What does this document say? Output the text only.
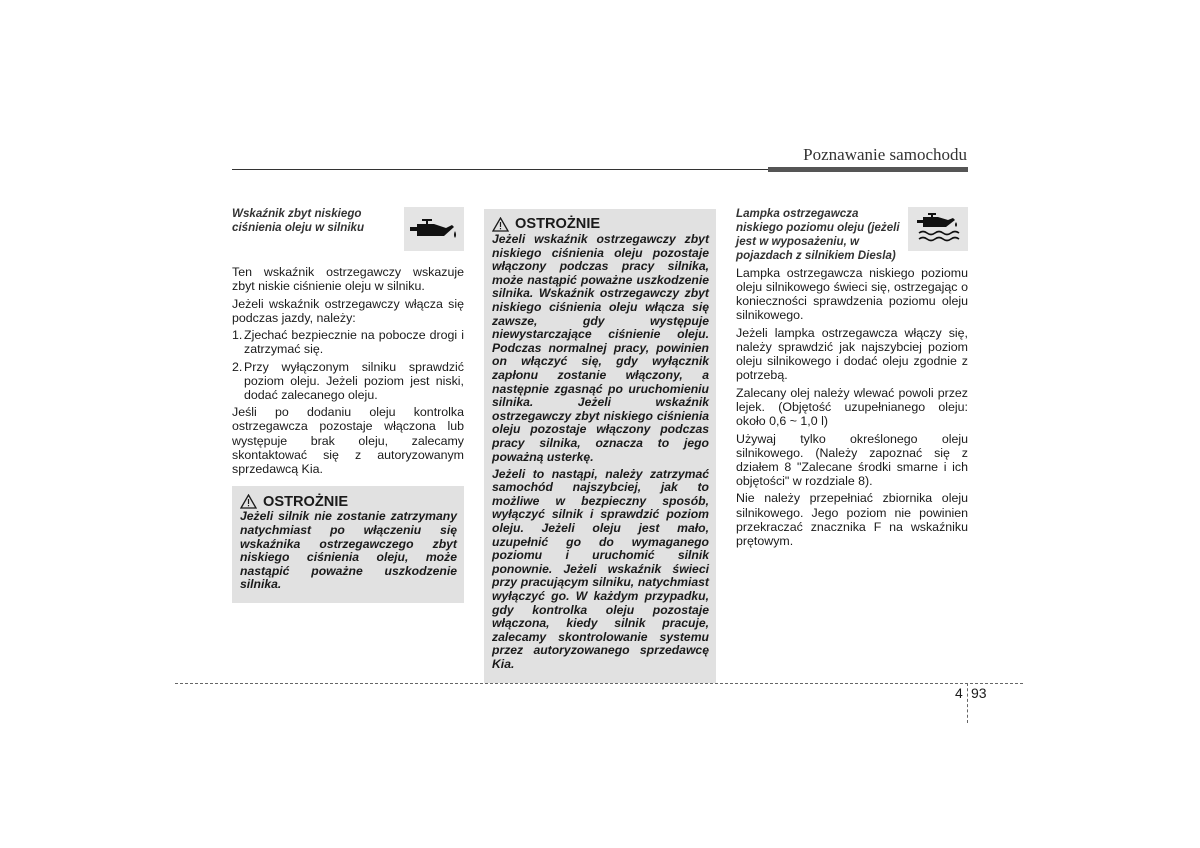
Poznawanie samochodu
Wskaźnik zbyt niskiego ciśnienia oleju w silniku

Ten wskaźnik ostrzegawczy wskazuje zbyt niskie ciśnienie oleju w silniku.

Jeżeli wskaźnik ostrzegawczy włącza się podczas jazdy, należy:

1. Zjechać bezpiecznie na pobocze drogi i zatrzymać się.
2. Przy wyłączonym silniku sprawdzić poziom oleju. Jeżeli poziom jest niski, dodać zalecanego oleju.

Jeśli po dodaniu oleju kontrolka ostrzegawcza pozostaje włączona lub występuje brak oleju, zalecamy skontaktować się z autoryzowanym sprzedawcą Kia.

OSTROŻNIE

Jeżeli silnik nie zostanie zatrzymany natychmiast po włączeniu się wskaźnika ostrzegawczego zbyt niskiego ciśnienia oleju, może nastąpić poważne uszkodzenie silnika.

OSTROŻNIE

Jeżeli wskaźnik ostrzegawczy zbyt niskiego ciśnienia oleju pozostaje włączony podczas pracy silnika, może nastąpić poważne uszkodzenie silnika. Wskaźnik ostrzegawczy zbyt niskiego ciśnienia oleju włącza się zawsze, gdy występuje niewystarczające ciśnienie oleju. Podczas normalnej pracy, powinien on włączyć się, gdy wyłącznik zapłonu zostanie włączony, a następnie zgasnąć po uruchomieniu silnika. Jeżeli wskaźnik ostrzegawczy zbyt niskiego ciśnienia oleju pozostaje włączony podczas pracy silnika, oznacza to jego poważną usterkę.

Jeżeli to nastąpi, należy zatrzymać samochód najszybciej, jak to możliwe w bezpieczny sposób, wyłączyć silnik i sprawdzić poziom oleju. Jeżeli oleju jest mało, uzupełnić go do wymaganego poziomu i uruchomić silnik ponownie. Jeżeli wskaźnik świeci przy pracującym silniku, natychmiast wyłączyć go. W każdym przypadku, gdy kontrolka oleju pozostaje włączona, kiedy silnik pracuje, zalecamy skontrolowanie systemu przez autoryzowanego sprzedawcę Kia.

Lampka ostrzegawcza niskiego poziomu oleju (jeżeli jest w wyposażeniu, w pojazdach z silnikiem Diesla)

Lampka ostrzegawcza niskiego poziomu oleju silnikowego świeci się, ostrzegając o konieczności sprawdzenia poziomu oleju silnikowego.

Jeżeli lampka ostrzegawcza włączy się, należy sprawdzić jak najszybciej poziom oleju silnikowego i dodać oleju zgodnie z potrzebą.

Zalecany olej należy wlewać powoli przez lejek. (Objętość uzupełnianego oleju: około 0,6 ~ 1,0 l)

Używaj tylko określonego oleju silnikowego. (Należy zapoznać się z działem 8 "Zalecane środki smarne i ich objętości" w rozdziale 8).

Nie należy przepełniać zbiornika oleju silnikowego. Jego poziom nie powinien przekraczać znacznika F na wskaźniku prętowym.

4 93
